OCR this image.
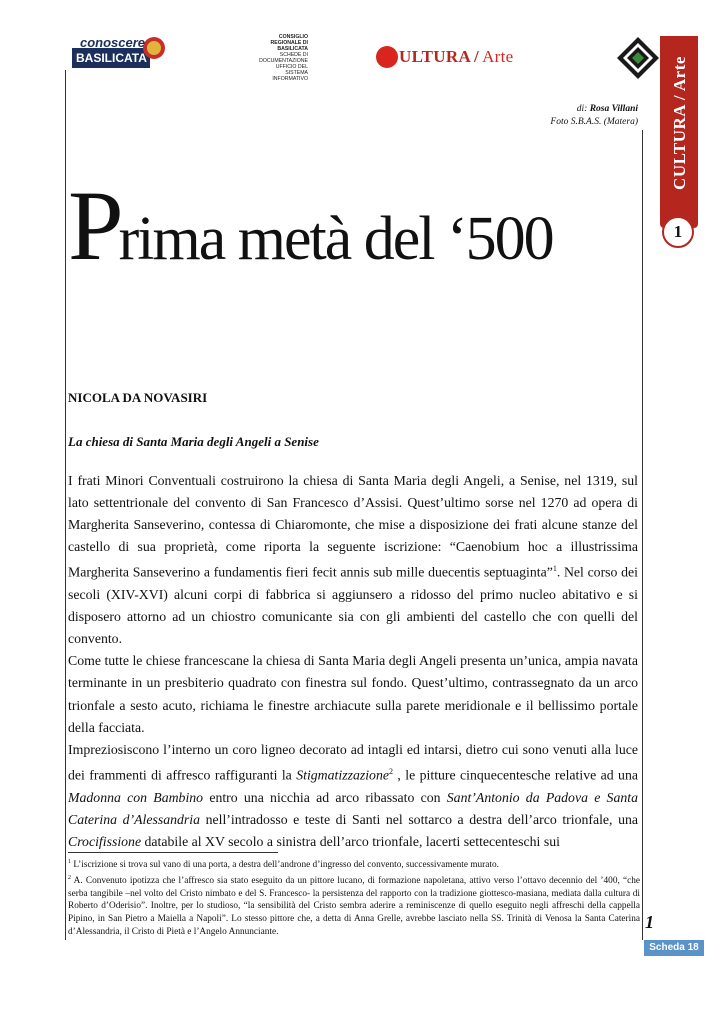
conoscere
BASILICATA
CONSIGLIO REGIONALE DI BASILICATA
SCHEDE DI
DOCUMENTAZIONE
UFFICIO DEL
SISTEMA INFORMATIVO
ULTURA / Arte	CULTURA / Arte
1
di: Rosa Villani
Foto S.B.A.S. (Matera)
Prima metà del ‘500
NICOLA DA NOVASIRI
La chiesa di Santa Maria degli Angeli a Senise

I frati Minori Conventuali costruirono la chiesa di Santa Maria degli Angeli, a Senise, nel 1319, sul lato settentrionale del convento di San Francesco d’Assisi. Quest’ultimo sorse nel 1270 ad opera di Margherita Sanseverino, contessa di Chiaromonte, che mise a disposizione dei frati alcune stanze del castello di sua proprietà, come riporta la seguente iscrizione: “Caenobium hoc a illustrissima Margherita Sanseverino a fundamentis fieri fecit annis sub mille duecentis septuaginta”$^1$. Nel corso dei secoli (XIV-XVI) alcuni corpi di fabbrica si aggiunsero a ridosso del primo nucleo abitativo e si disposero attorno ad un chiostro comunicante sia con gli ambienti del castello che con quelli del convento.

Come tutte le chiese francescane la chiesa di Santa Maria degli Angeli presenta un’unica, ampia navata terminante in un presbiterio quadrato con finestra sul fondo. Quest’ultimo, contrassegnato da un arco trionfale a sesto acuto, richiama le finestre archiacute sulla parete meridionale e il bellissimo portale della facciata.

Impreziosiscono l’interno un coro ligneo decorato ad intagli ed intarsi, dietro cui sono venuti alla luce dei frammenti di affresco raffiguranti la Stigmatizzazione$^2$ , le pitture cinquecentesche relative ad una Madonna con Bambino entro una nicchia ad arco ribassato con Sant’Antonio da Padova e Santa Caterina d’Alessandria nell’intradosso e teste di Santi nel sottarco a destra dell’arco trionfale, una Crocifissione databile al XV secolo a sinistra dell’arco trionfale, lacerti settecenteschi sui

$^1$ L’iscrizione si trova sul vano di una porta, a destra dell’androne d’ingresso del convento, successivamente murato.

$^2$ A. Convenuto ipotizza che l’affresco sia stato eseguito da un pittore lucano, di formazione napoletana, attivo verso l’ottavo decennio del ’400, “che serba tangibile –nel volto del Cristo nimbato e del S. Francesco- la persistenza del rapporto con la tradizione giottesco-masiana, mediata dalla cultura di Roberto d’Oderisio”. Inoltre, per lo studioso, “la sensibilità del Cristo sembra aderire a reminiscenze di quello eseguito negli affreschi della cappella Pipino, in San Pietro a Maiella a Napoli”. Lo stesso pittore che, a detta di Anna Grelle, avrebbe lasciato nella SS. Trinità di Venosa la Santa Caterina d’Alessandria, il Cristo di Pietà e l’Angelo Annunciante.	1
Scheda 18
